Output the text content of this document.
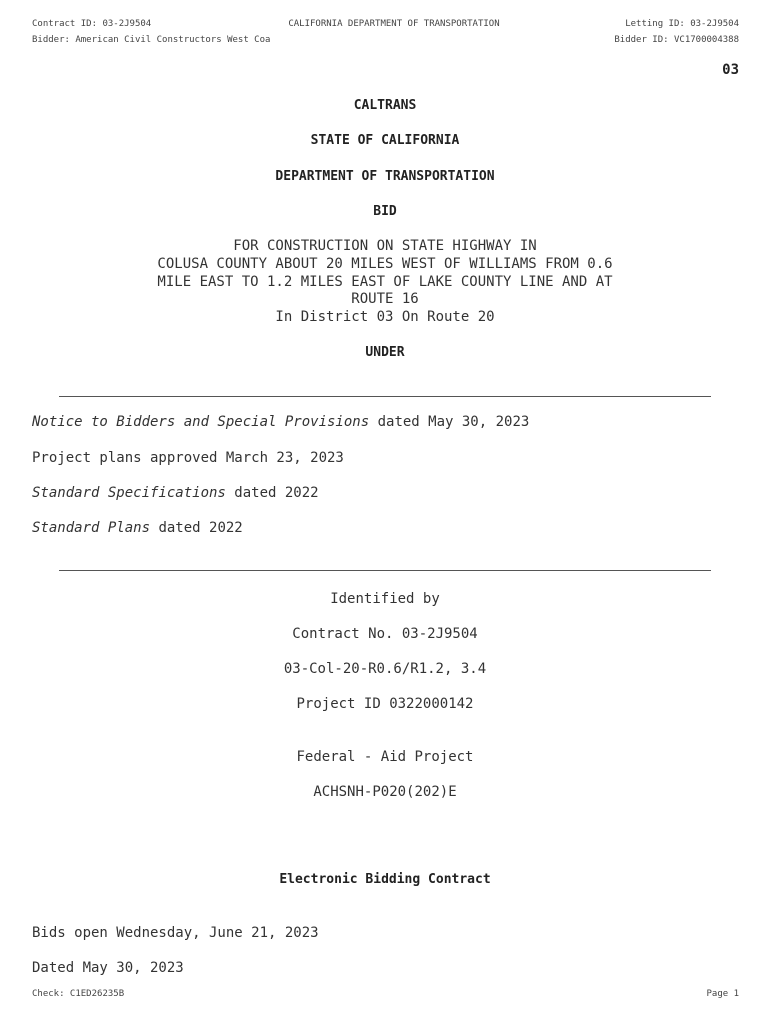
Contract ID: 03-2J9504	CALIFORNIA DEPARTMENT OF TRANSPORTATION	Letting ID: 03-2J9504
Bidder: American Civil Constructors West Coa	Bidder ID: VC1700004388
03
CALTRANS
STATE OF CALIFORNIA
DEPARTMENT OF TRANSPORTATION
BID
FOR CONSTRUCTION ON STATE HIGHWAY IN
COLUSA COUNTY ABOUT 20 MILES WEST OF WILLIAMS FROM 0.6
MILE EAST TO 1.2 MILES EAST OF LAKE COUNTY LINE AND AT
ROUTE 16
In District 03 On Route 20
UNDER
Notice to Bidders and Special Provisions dated May 30, 2023
Project plans approved March 23, 2023
Standard Specifications dated 2022
Standard Plans dated 2022
Identified by
Contract No. 03-2J9504
03-Col-20-R0.6/R1.2, 3.4
Project ID 0322000142
Federal - Aid Project
ACHSNH-P020(202)E
Electronic Bidding Contract
Bids open Wednesday, June 21, 2023
Dated May 30, 2023
Check: C1ED26235B	Page 1
